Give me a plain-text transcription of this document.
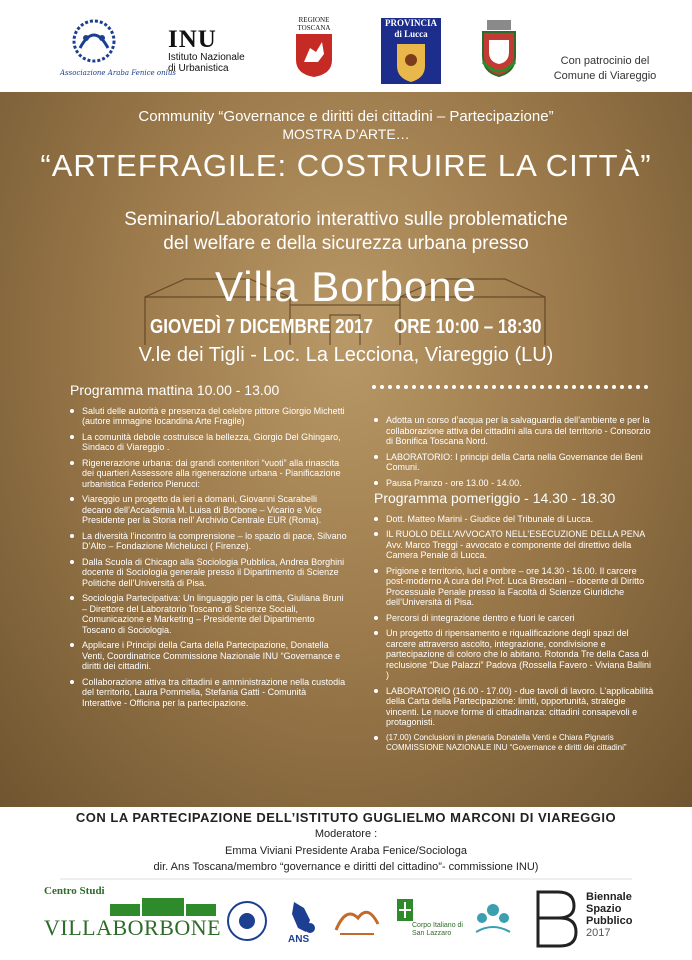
Associazione Araba Fenice onlus
INU
Istituto Nazionale
di Urbanistica
REGIONE
TOSCANA	PROVINCIA
di Lucca
Con patrocinio del
Comune di Viareggio
Community “Governance e diritti dei cittadini – Partecipazione”
MOSTRA D’ARTE…
“ARTEFRAGILE: COSTRUIRE LA CITTÀ”
Seminario/Laboratorio interattivo sulle problematiche
del welfare e della sicurezza urbana presso
Villa Borbone
GIOVEDÌ 7 DICEMBRE 2017 ORE 10:00 – 18:30
V.le dei Tigli - Loc. La Lecciona, Viareggio (LU)
Programma mattina 10.00 - 13.00
Saluti delle autorità e presenza del celebre pittore Giorgio Michetti (autore immagine locandina Arte Fragile)
La comunità debole costruisce la bellezza, Giorgio Del Ghingaro, Sindaco di Viareggio .
Rigenerazione urbana: dai grandi contenitori “vuoti” alla rinascita dei quartieri Assessore alla rigenerazione urbana - Pianificazione urbanistica Federico Pierucci:
Viareggio un progetto da ieri a domani, Giovanni Scarabelli decano dell’Accademia M. Luisa di Borbone – Vicario e Vice Presidente per la Storia nell’ Archivio Centrale EUR (Roma).
La diversità l’incontro la comprensione – lo spazio di pace, Silvano D’Alto – Fondazione Michelucci ( Firenze).
Dalla Scuola di Chicago alla Sociologia Pubblica, Andrea Borghini docente di Sociologia generale presso il Dipartimento di Scienze Politiche dell’Università di Pisa.
Sociologia Partecipativa: Un linguaggio per la città, Giuliana Bruni – Direttore del Laboratorio Toscano di Scienze Sociali, Comunicazione e Marketing – Presidente del Dipartimento Toscano di Sociologia.
Applicare i Principi della Carta della Partecipazione, Donatella Venti, Coordinatrice Commissione Nazionale INU “Governance e diritti dei cittadini.
Collaborazione attiva tra cittadini e amministrazione nella custodia del territorio, Laura Pommella, Stefania Gatti - Comunità Interattive - Officina per la partecipazione.
Adotta un corso d’acqua per la salvaguardia dell’ambiente e per la collaborazione attiva dei cittadini alla cura del territorio - Consorzio di Bonifica Toscana Nord.
LABORATORIO: I principi della Carta nella Governance dei Beni Comuni.
Pausa Pranzo - ore 13.00 - 14.00.
Programma pomeriggio - 14.30 - 18.30
Dott. Matteo Marini - Giudice del Tribunale di Lucca.
IL RUOLO DELL’AVVOCATO NELL’ESECUZIONE DELLA PENA Avv. Marco Treggi - avvocato e componente del direttivo della Camera Penale di Lucca.
Prigione e territorio, luci e ombre – ore 14.30 - 16.00. Il carcere post-moderno A cura del Prof. Luca Bresciani – docente di Diritto Processuale Penale presso la Facoltà di Scienze Giuridiche dell’Università di Pisa.
Percorsi di integrazione dentro e fuori le carceri
Un progetto di ripensamento e riqualificazione degli spazi del carcere attraverso ascolto, integrazione, condivisione e partecipazione di coloro che lo abitano. Rotonda Tre della Casa di reclusione “Due Palazzi” Padova (Rossella Favero - Viviana Ballini )
LABORATORIO (16.00 - 17.00) - due tavoli di lavoro. L’applicabilità della Carta della Partecipazione: limiti, opportunità, strategie vincenti. Le nuove forme di cittadinanza: cittadini consapevoli e protagonisti.
(17.00) Conclusioni in plenaria Donatella Venti e Chiara Pignaris COMMISSIONE NAZIONALE INU “Governance e diritti dei cittadini”
CON LA PARTECIPAZIONE DELL’ISTITUTO GUGLIELMO MARCONI DI VIAREGGIO
Moderatore :
Emma Viviani Presidente Araba Fenice/Sociologa
dir. Ans Toscana/membro “governance e diritti del cittadino”- commissione INU)
Centro Studi
VILLABORBONE	ANS
Corpo Italiano di San Lazzaro
Biennale
Spazio
Pubblico
2017
